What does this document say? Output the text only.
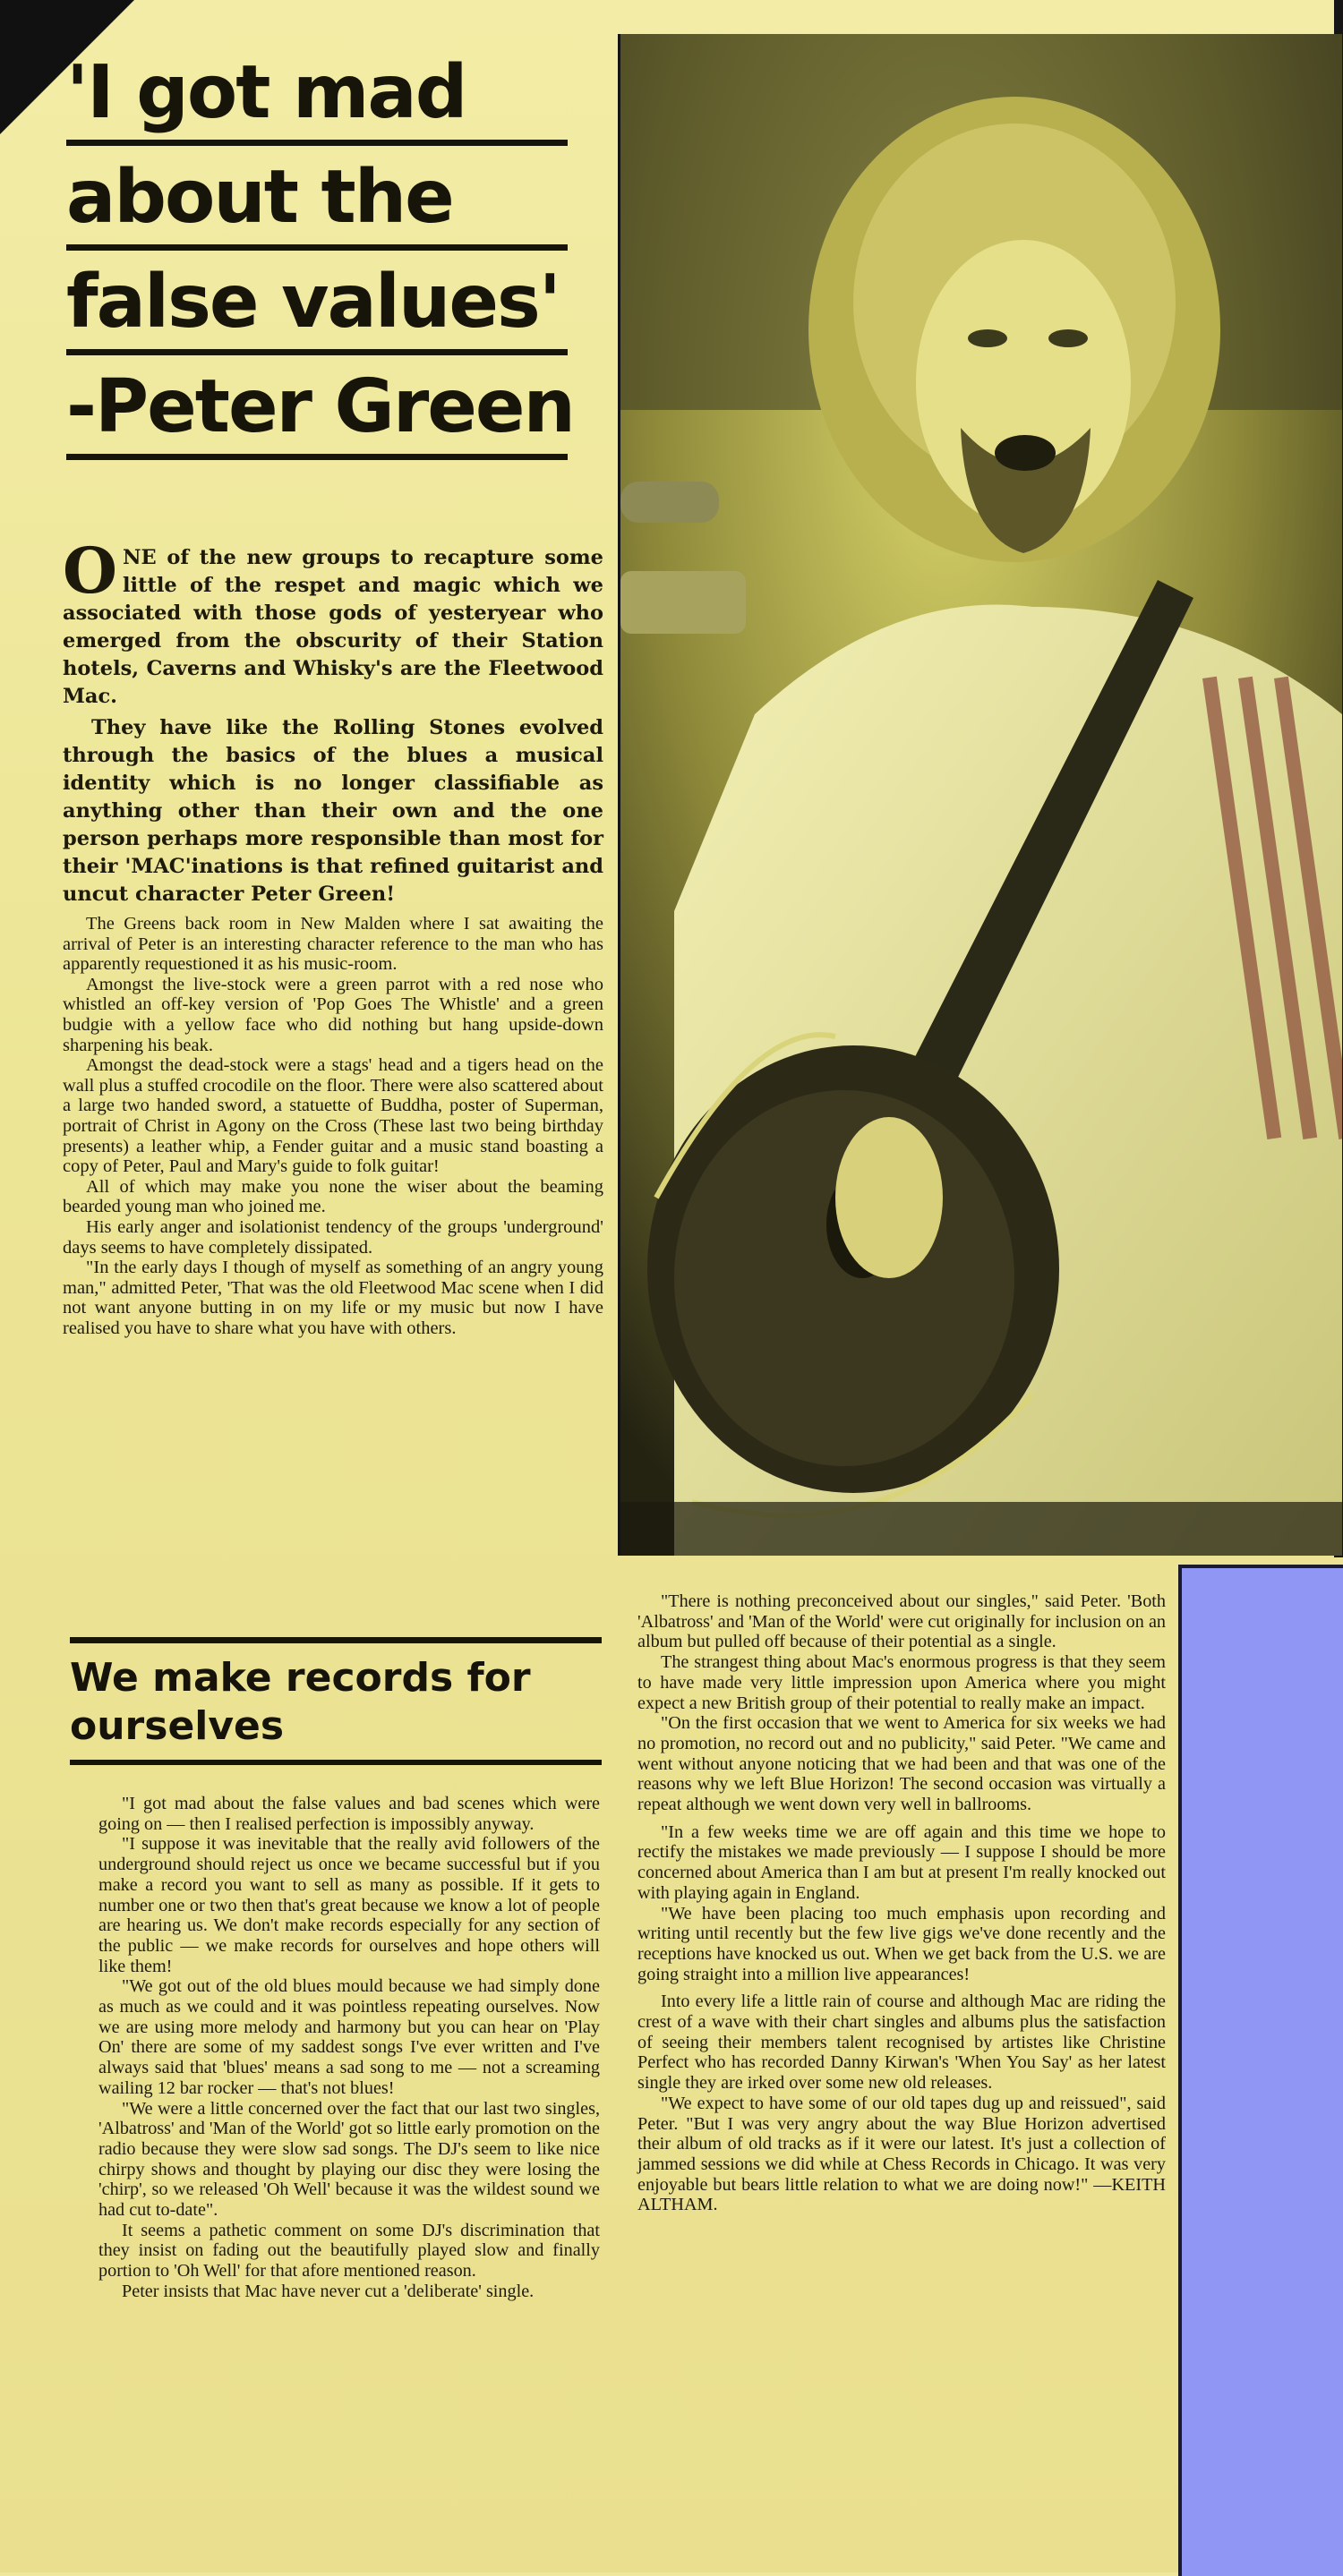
'I got mad
about the
false values'
-Peter Green

ONE of the new groups to recapture some little of the respet and magic which we associated with those gods of yesteryear who emerged from the obscurity of their Station hotels, Caverns and Whisky's are the Fleetwood Mac.

They have like the Rolling Stones evolved through the basics of the blues a musical identity which is no longer classifiable as anything other than their own and the one person perhaps more responsible than most for their 'MAC'inations is that refined guitarist and uncut character Peter Green!

The Greens back room in New Malden where I sat awaiting the arrival of Peter is an interesting character reference to the man who has apparently requestioned it as his music-room.

Amongst the live-stock were a green parrot with a red nose who whistled an off-key version of 'Pop Goes The Whistle' and a green budgie with a yellow face who did nothing but hang upside-down sharpening his beak.

Amongst the dead-stock were a stags' head and a tigers head on the wall plus a stuffed crocodile on the floor. There were also scattered about a large two handed sword, a statuette of Buddha, poster of Superman, portrait of Christ in Agony on the Cross (These last two being birthday presents) a leather whip, a Fender guitar and a music stand boasting a copy of Peter, Paul and Mary's guide to folk guitar!

All of which may make you none the wiser about the beaming bearded young man who joined me.

His early anger and isolationist tendency of the groups 'underground' days seems to have completely dissipated.

"In the early days I though of myself as something of an angry young man," admitted Peter, 'That was the old Fleetwood Mac scene when I did not want anyone butting in on my life or my music but now I have realised you have to share what you have with others.

We make records for ourselves

"I got mad about the false values and bad scenes which were going on — then I realised perfection is impossibly anyway.

"I suppose it was inevitable that the really avid followers of the underground should reject us once we became successful but if you make a record you want to sell as many as possible. If it gets to number one or two then that's great because we know a lot of people are hearing us. We don't make records especially for any section of the public — we make records for ourselves and hope others will like them!

"We got out of the old blues mould because we had simply done as much as we could and it was pointless repeating ourselves. Now we are using more melody and harmony but you can hear on 'Play On' there are some of my saddest songs I've ever written and I've always said that 'blues' means a sad song to me — not a screaming wailing 12 bar rocker — that's not blues!

"We were a little concerned over the fact that our last two singles, 'Albatross' and 'Man of the World' got so little early promotion on the radio because they were slow sad songs. The DJ's seem to like nice chirpy shows and thought by playing our disc they were losing the 'chirp', so we released 'Oh Well' because it was the wildest sound we had cut to-date".

It seems a pathetic comment on some DJ's discrimination that they insist on fading out the beautifully played slow and finally portion to 'Oh Well' for that afore mentioned reason.

Peter insists that Mac have never cut a 'deliberate' single.

"There is nothing preconceived about our singles," said Peter. 'Both 'Albatross' and 'Man of the World' were cut originally for inclusion on an album but pulled off because of their potential as a single.

The strangest thing about Mac's enormous progress is that they seem to have made very little impression upon America where you might expect a new British group of their potential to really make an impact.

"On the first occasion that we went to America for six weeks we had no promotion, no record out and no publicity," said Peter. "We came and went without anyone noticing that we had been and that was one of the reasons why we left Blue Horizon! The second occasion was virtually a repeat although we went down very well in ballrooms.

"In a few weeks time we are off again and this time we hope to rectify the mistakes we made previously — I suppose I should be more concerned about America than I am but at present I'm really knocked out with playing again in England.

"We have been placing too much emphasis upon recording and writing until recently but the few live gigs we've done recently and the receptions have knocked us out. When we get back from the U.S. we are going straight into a million live appearances!

Into every life a little rain of course and although Mac are riding the crest of a wave with their chart singles and albums plus the satisfaction of seeing their members talent recognised by artistes like Christine Perfect who has recorded Danny Kirwan's 'When You Say' as her latest single they are irked over some new old releases.

"We expect to have some of our old tapes dug up and reissued", said Peter. "But I was very angry about the way Blue Horizon advertised their album of old tracks as if it were our latest. It's just a collection of jammed sessions we did while at Chess Records in Chicago. It was very enjoyable but bears little relation to what we are doing now!" —KEITH ALTHAM.
